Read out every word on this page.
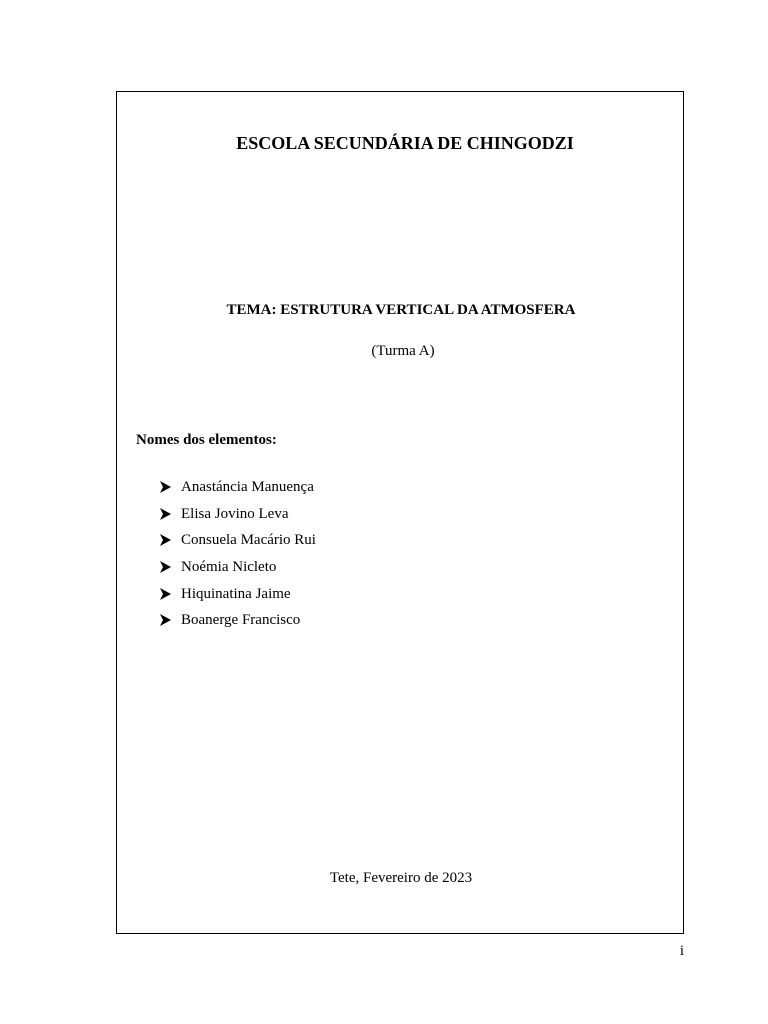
ESCOLA SECUNDÁRIA DE CHINGODZI
TEMA: ESTRUTURA VERTICAL DA ATMOSFERA

(Turma A)

Nomes dos elementos:

Anastáncia Manuença
Elisa Jovino Leva
Consuela Macário Rui
Noémia Nicleto
Hiquinatina Jaime
Boanerge Francisco

Tete, Fevereiro de 2023

i
